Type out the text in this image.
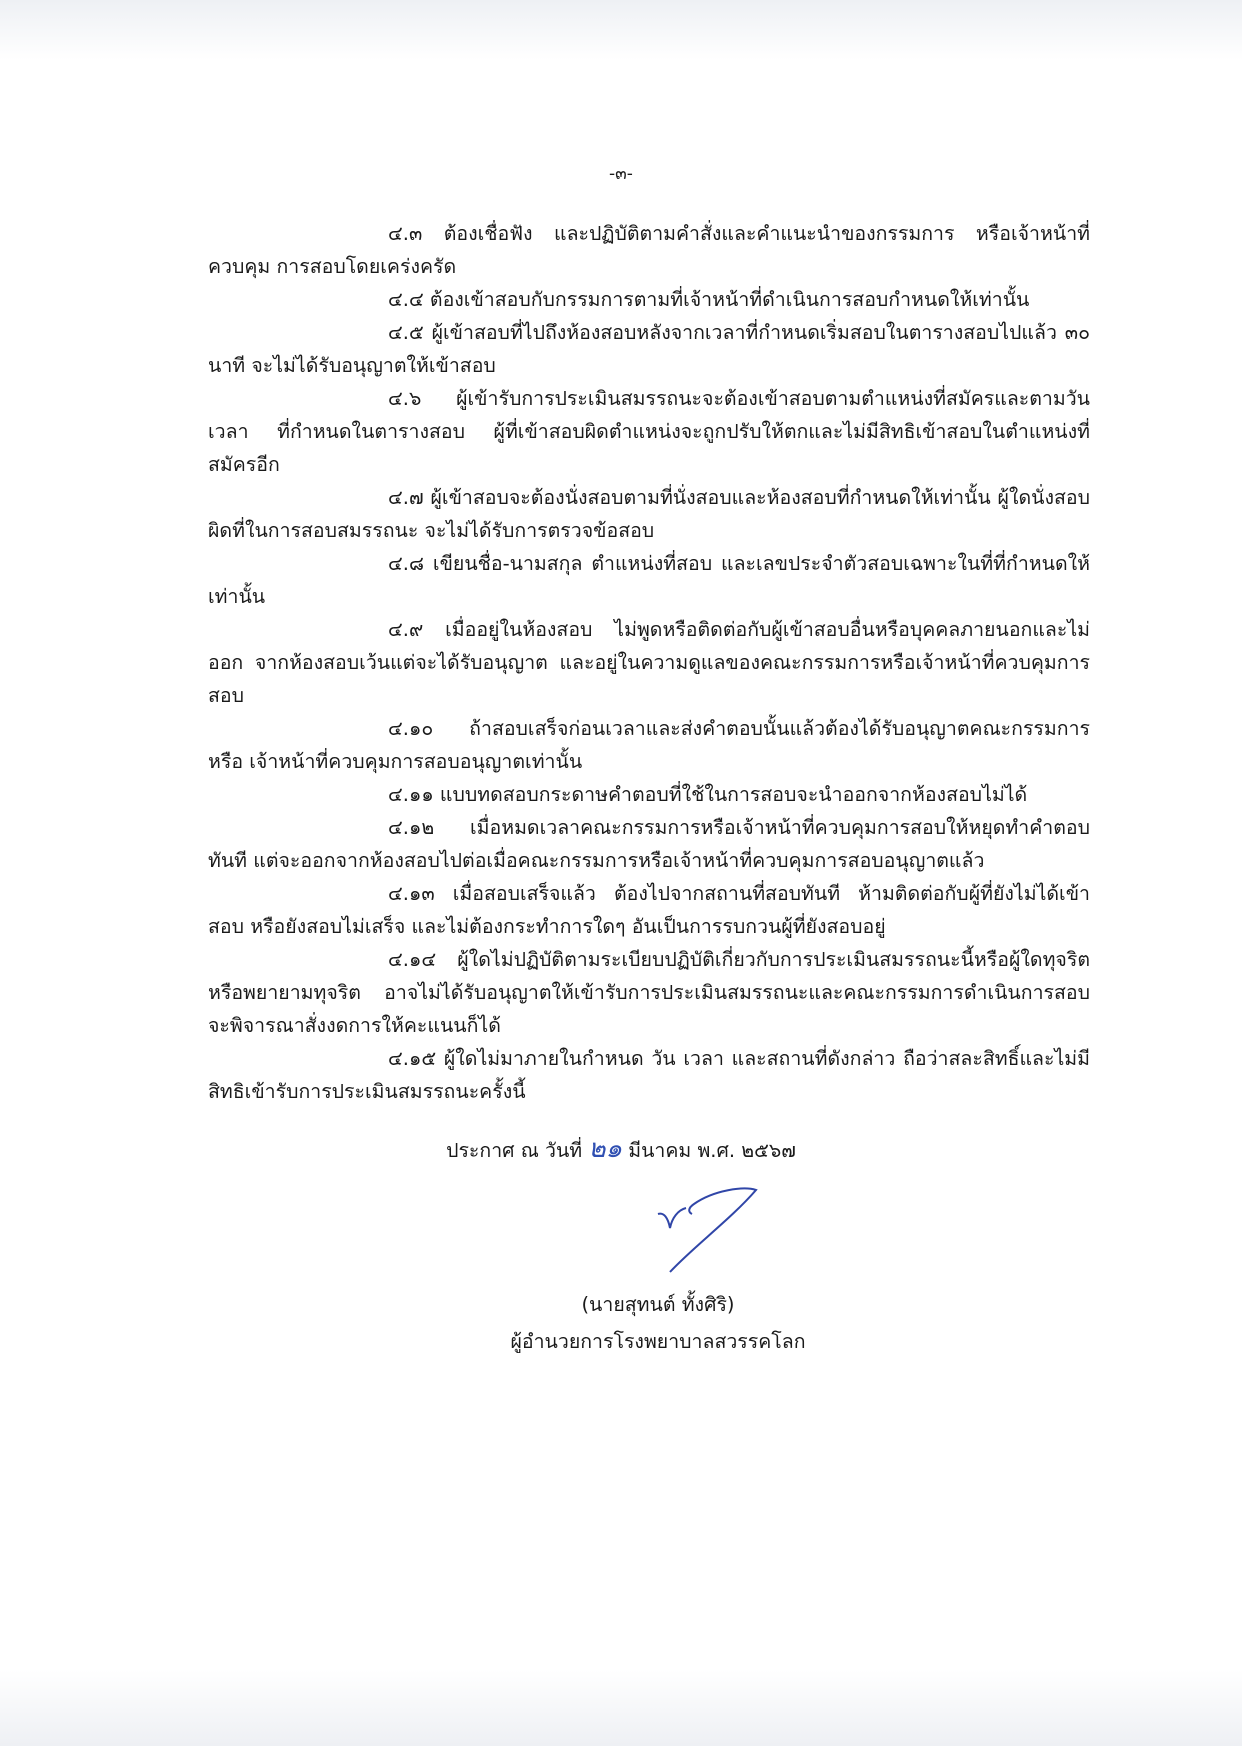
-๓-

๔.๓ ต้องเชื่อฟัง และปฏิบัติตามคำสั่งและคำแนะนำของกรรมการ หรือเจ้าหน้าที่ควบคุม การสอบโดยเคร่งครัด

๔.๔ ต้องเข้าสอบกับกรรมการตามที่เจ้าหน้าที่ดำเนินการสอบกำหนดให้เท่านั้น

๔.๕ ผู้เข้าสอบที่ไปถึงห้องสอบหลังจากเวลาที่กำหนดเริ่มสอบในตารางสอบไปแล้ว ๓๐ นาที จะไม่ได้รับอนุญาตให้เข้าสอบ

๔.๖ ผู้เข้ารับการประเมินสมรรถนะจะต้องเข้าสอบตามตำแหน่งที่สมัครและตามวันเวลา ที่กำหนดในตารางสอบ ผู้ที่เข้าสอบผิดตำแหน่งจะถูกปรับให้ตกและไม่มีสิทธิเข้าสอบในตำแหน่งที่สมัครอีก

๔.๗ ผู้เข้าสอบจะต้องนั่งสอบตามที่นั่งสอบและห้องสอบที่กำหนดให้เท่านั้น ผู้ใดนั่งสอบ ผิดที่ในการสอบสมรรถนะ จะไม่ได้รับการตรวจข้อสอบ

๔.๘ เขียนชื่อ-นามสกุล ตำแหน่งที่สอบ และเลขประจำตัวสอบเฉพาะในที่ที่กำหนดให้ เท่านั้น

๔.๙ เมื่ออยู่ในห้องสอบ ไม่พูดหรือติดต่อกับผู้เข้าสอบอื่นหรือบุคคลภายนอกและไม่ออก จากห้องสอบเว้นแต่จะได้รับอนุญาต และอยู่ในความดูแลของคณะกรรมการหรือเจ้าหน้าที่ควบคุมการสอบ

๔.๑๐ ถ้าสอบเสร็จก่อนเวลาและส่งคำตอบนั้นแล้วต้องได้รับอนุญาตคณะกรรมการหรือ เจ้าหน้าที่ควบคุมการสอบอนุญาตเท่านั้น

๔.๑๑ แบบทดสอบกระดาษคำตอบที่ใช้ในการสอบจะนำออกจากห้องสอบไม่ได้

๔.๑๒ เมื่อหมดเวลาคณะกรรมการหรือเจ้าหน้าที่ควบคุมการสอบให้หยุดทำคำตอบทันที แต่จะออกจากห้องสอบไปต่อเมื่อคณะกรรมการหรือเจ้าหน้าที่ควบคุมการสอบอนุญาตแล้ว

๔.๑๓ เมื่อสอบเสร็จแล้ว ต้องไปจากสถานที่สอบทันที ห้ามติดต่อกับผู้ที่ยังไม่ได้เข้าสอบ หรือยังสอบไม่เสร็จ และไม่ต้องกระทำการใดๆ อันเป็นการรบกวนผู้ที่ยังสอบอยู่

๔.๑๔ ผู้ใดไม่ปฏิบัติตามระเบียบปฏิบัติเกี่ยวกับการประเมินสมรรถนะนี้หรือผู้ใดทุจริต หรือพยายามทุจริต อาจไม่ได้รับอนุญาตให้เข้ารับการประเมินสมรรถนะและคณะกรรมการดำเนินการสอบจะพิจารณาสั่งงดการให้คะแนนก็ได้

๔.๑๕ ผู้ใดไม่มาภายในกำหนด วัน เวลา และสถานที่ดังกล่าว ถือว่าสละสิทธิ์และไม่มี สิทธิเข้ารับการประเมินสมรรถนะครั้งนี้

ประกาศ ณ วันที่ ๒๑ มีนาคม พ.ศ. ๒๕๖๗
(นายสุทนต์ ทั้งศิริ)
ผู้อำนวยการโรงพยาบาลสวรรคโลก
